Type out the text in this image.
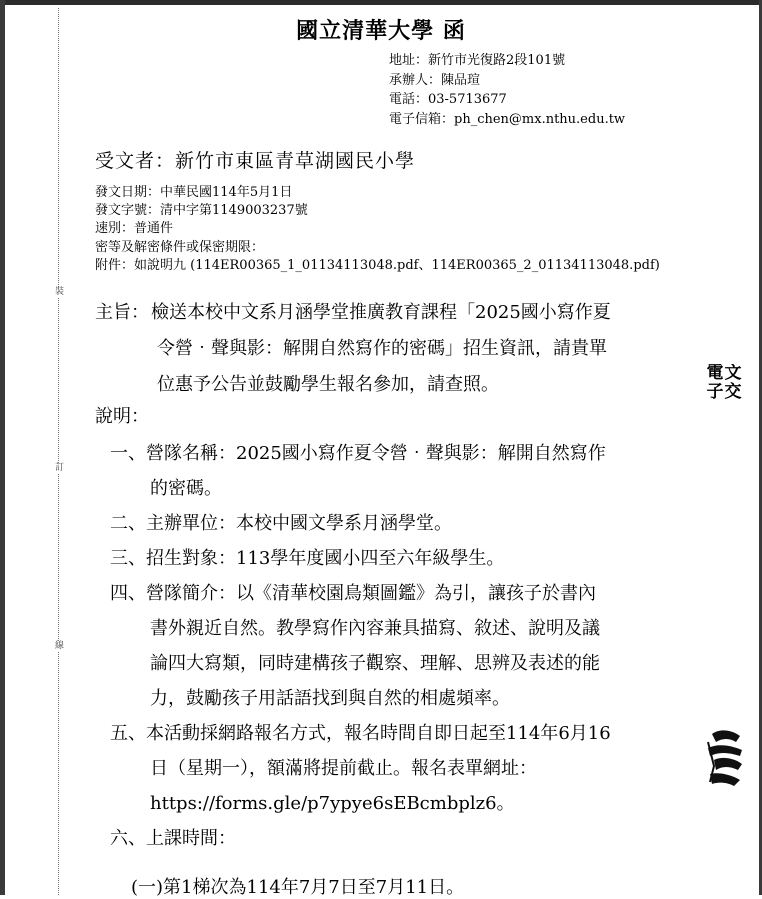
裝
訂
線
國立清華大學 函
地址：新竹市光復路2段101號
承辦人：陳品瑄
電話：03-5713677
電子信箱：ph_chen@mx.nthu.edu.tw
受文者：新竹市東區青草湖國民小學
發文日期：中華民國114年5月1日
發文字號：清中字第1149003237號
速別：普通件
密等及解密條件或保密期限：
附件：如說明九 (114ER00365_1_01134113048.pdf、114ER00365_2_01134113048.pdf)
主旨： 檢送本校中文系月涵學堂推廣教育課程「2025國小寫作夏
令營‧聲與影：解開自然寫作的密碼」招生資訊，請貴單
位惠予公告並鼓勵學生報名參加，請查照。
說明：
一、營隊名稱：2025國小寫作夏令營‧聲與影：解開自然寫作
的密碼。
二、主辦單位：本校中國文學系月涵學堂。
三、招生對象：113學年度國小四至六年級學生。
四、營隊簡介：以《清華校園鳥類圖鑑》為引，讓孩子於書內
書外親近自然。教學寫作內容兼具描寫、敘述、說明及議
論四大寫類，同時建構孩子觀察、理解、思辨及表述的能
力，鼓勵孩子用話語找到與自然的相處頻率。
五、本活動採網路報名方式，報名時間自即日起至114年6月16
日（星期一），額滿將提前截止。報名表單網址：
https://forms.gle/p7ypye6sEBcmbplz6。
六、上課時間：
(一)第1梯次為114年7月7日至7月11日。
電
子
文
交
